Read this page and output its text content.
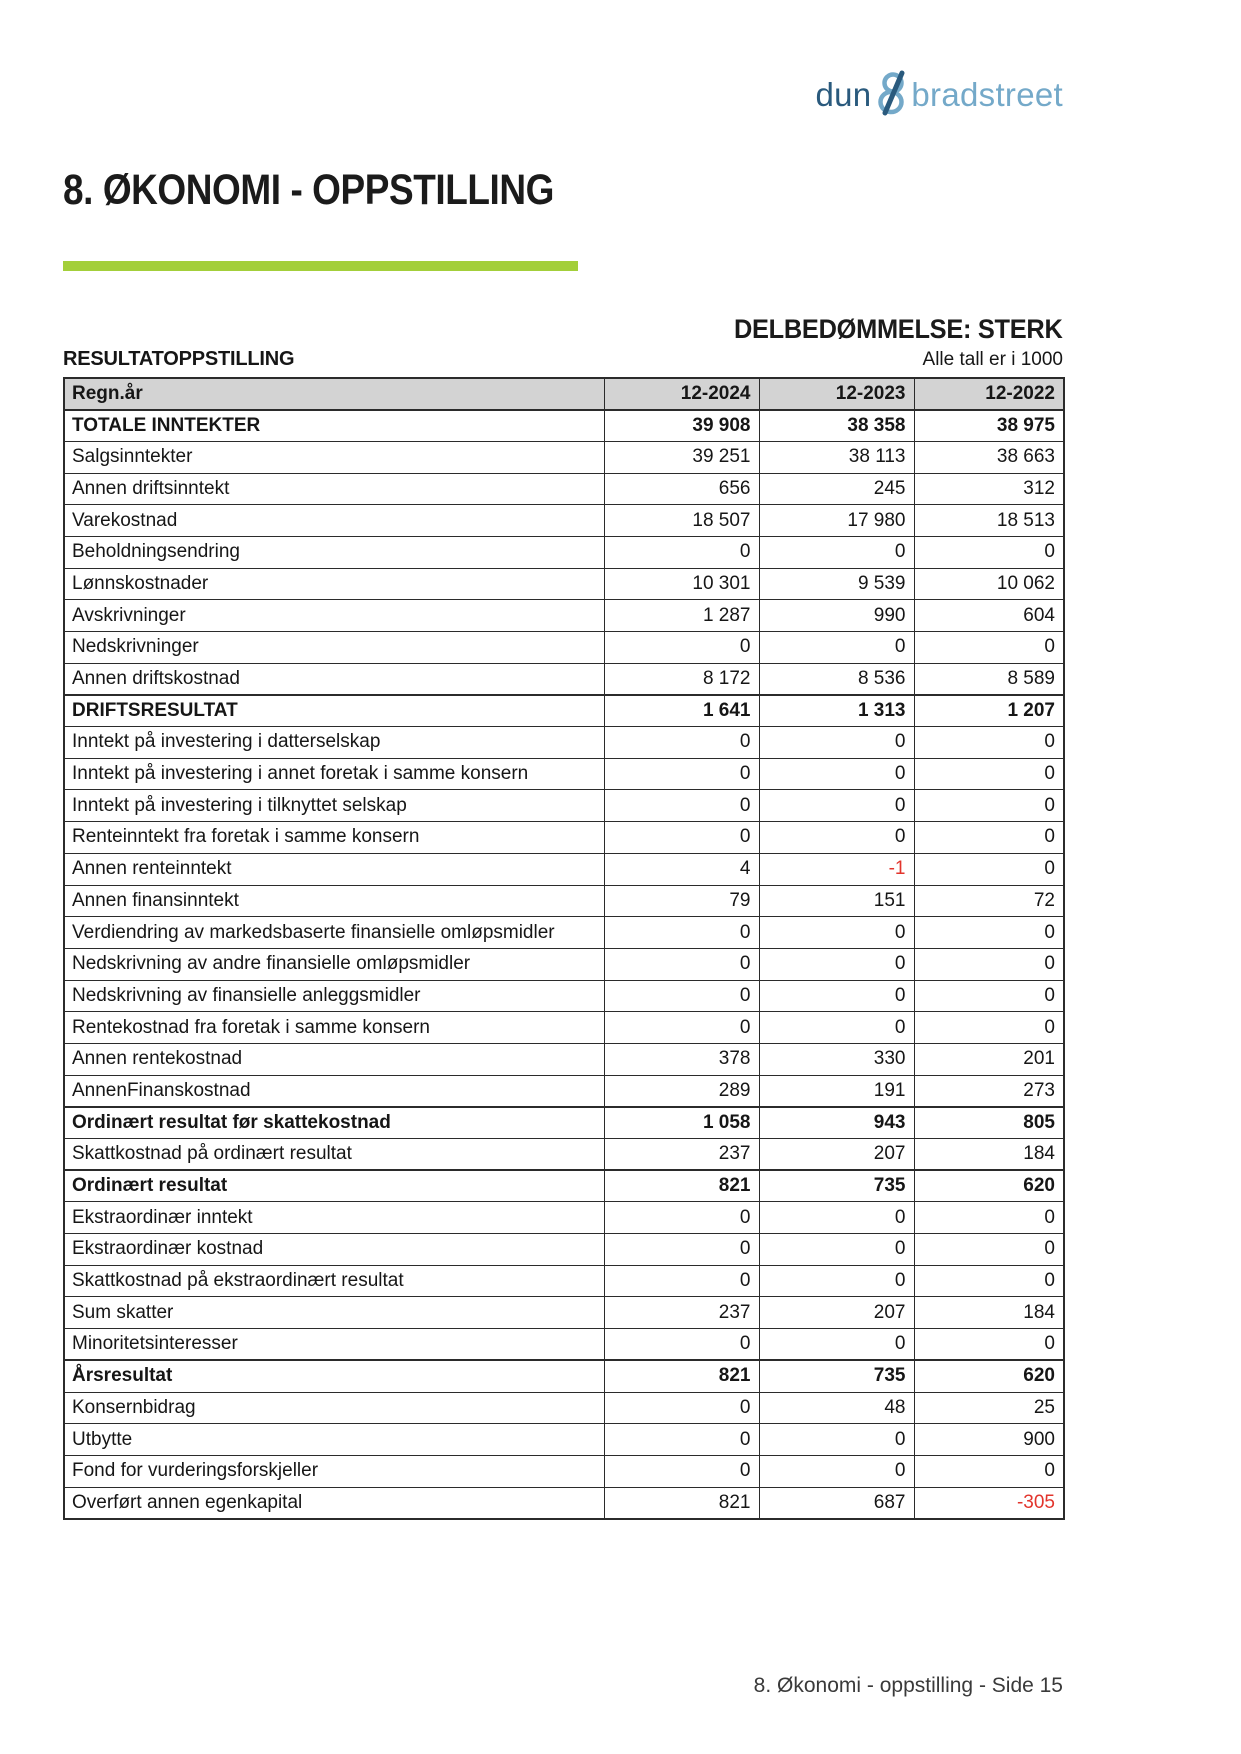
dun bradstreet
8. ØKONOMI - OPPSTILLING
DELBEDØMMELSE: STERK
RESULTATOPPSTILLING	Alle tall er i 1000
Regn.år	12-2024	12-2023	12-2022
TOTALE INNTEKTER	39 908	38 358	38 975
Salgsinntekter	39 251	38 113	38 663
Annen driftsinntekt	656	245	312
Varekostnad	18 507	17 980	18 513
Beholdningsendring	0	0	0
Lønnskostnader	10 301	9 539	10 062
Avskrivninger	1 287	990	604
Nedskrivninger	0	0	0
Annen driftskostnad	8 172	8 536	8 589
DRIFTSRESULTAT	1 641	1 313	1 207
Inntekt på investering i datterselskap	0	0	0
Inntekt på investering i annet foretak i samme konsern	0	0	0
Inntekt på investering i tilknyttet selskap	0	0	0
Renteinntekt fra foretak i samme konsern	0	0	0
Annen renteinntekt	4	-1	0
Annen finansinntekt	79	151	72
Verdiendring av markedsbaserte finansielle omløpsmidler	0	0	0
Nedskrivning av andre finansielle omløpsmidler	0	0	0
Nedskrivning av finansielle anleggsmidler	0	0	0
Rentekostnad fra foretak i samme konsern	0	0	0
Annen rentekostnad	378	330	201
AnnenFinanskostnad	289	191	273
Ordinært resultat før skattekostnad	1 058	943	805
Skattkostnad på ordinært resultat	237	207	184
Ordinært resultat	821	735	620
Ekstraordinær inntekt	0	0	0
Ekstraordinær kostnad	0	0	0
Skattkostnad på ekstraordinært resultat	0	0	0
Sum skatter	237	207	184
Minoritetsinteresser	0	0	0
Årsresultat	821	735	620
Konsernbidrag	0	48	25
Utbytte	0	0	900
Fond for vurderingsforskjeller	0	0	0
Overført annen egenkapital	821	687	-305
8. Økonomi - oppstilling - Side 15
